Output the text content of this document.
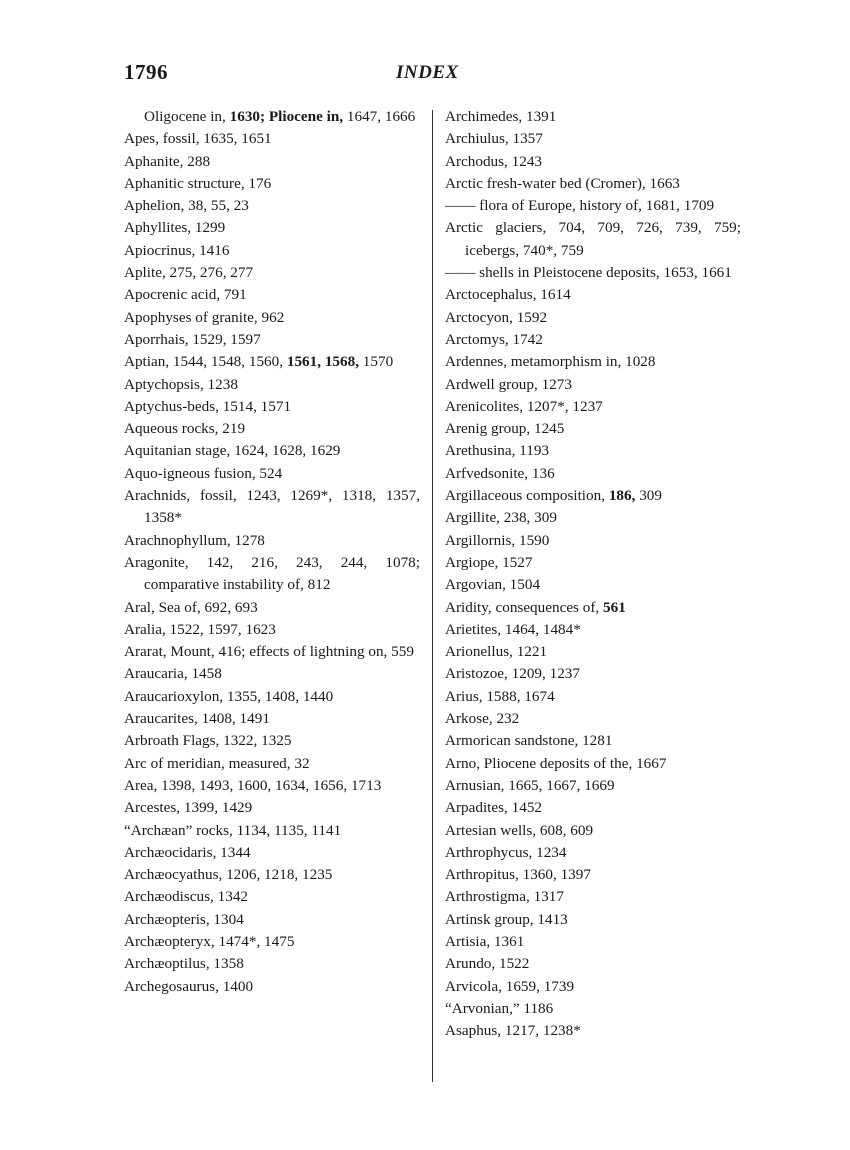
1796	INDEX
Oligocene in, 1630; Pliocene in, 1647, 1666
Apes, fossil, 1635, 1651
Aphanite, 288
Aphanitic structure, 176
Aphelion, 38, 55, 23
Aphyllites, 1299
Apiocrinus, 1416
Aplite, 275, 276, 277
Apocrenic acid, 791
Apophyses of granite, 962
Aporrhais, 1529, 1597
Aptian, 1544, 1548, 1560, 1561, 1568, 1570
Aptychopsis, 1238
Aptychus-beds, 1514, 1571
Aqueous rocks, 219
Aquitanian stage, 1624, 1628, 1629
Aquo-igneous fusion, 524
Arachnids, fossil, 1243, 1269*, 1318, 1357, 1358*
Arachnophyllum, 1278
Aragonite, 142, 216, 243, 244, 1078; comparative instability of, 812
Aral, Sea of, 692, 693
Aralia, 1522, 1597, 1623
Ararat, Mount, 416; effects of lightning on, 559
Araucaria, 1458
Araucarioxylon, 1355, 1408, 1440
Araucarites, 1408, 1491
Arbroath Flags, 1322, 1325
Arc of meridian, measured, 32
Area, 1398, 1493, 1600, 1634, 1656, 1713
Arcestes, 1399, 1429
“Archæan” rocks, 1134, 1135, 1141
Archæocidaris, 1344
Archæocyathus, 1206, 1218, 1235
Archæodiscus, 1342
Archæopteris, 1304
Archæopteryx, 1474*, 1475
Archæoptilus, 1358
Archegosaurus, 1400
Archimedes, 1391
Archiulus, 1357
Archodus, 1243
Arctic fresh-water bed (Cromer), 1663
—— flora of Europe, history of, 1681, 1709
Arctic glaciers, 704, 709, 726, 739, 759; icebergs, 740*, 759
—— shells in Pleistocene deposits, 1653, 1661
Arctocephalus, 1614
Arctocyon, 1592
Arctomys, 1742
Ardennes, metamorphism in, 1028
Ardwell group, 1273
Arenicolites, 1207*, 1237
Arenig group, 1245
Arethusina, 1193
Arfvedsonite, 136
Argillaceous composition, 186, 309
Argillite, 238, 309
Argillornis, 1590
Argiope, 1527
Argovian, 1504
Aridity, consequences of, 561
Arietites, 1464, 1484*
Arionellus, 1221
Aristozoe, 1209, 1237
Arius, 1588, 1674
Arkose, 232
Armorican sandstone, 1281
Arno, Pliocene deposits of the, 1667
Arnusian, 1665, 1667, 1669
Arpadites, 1452
Artesian wells, 608, 609
Arthrophycus, 1234
Arthropitus, 1360, 1397
Arthrostigma, 1317
Artinsk group, 1413
Artisia, 1361
Arundo, 1522
Arvicola, 1659, 1739
“Arvonian,” 1186
Asaphus, 1217, 1238*
